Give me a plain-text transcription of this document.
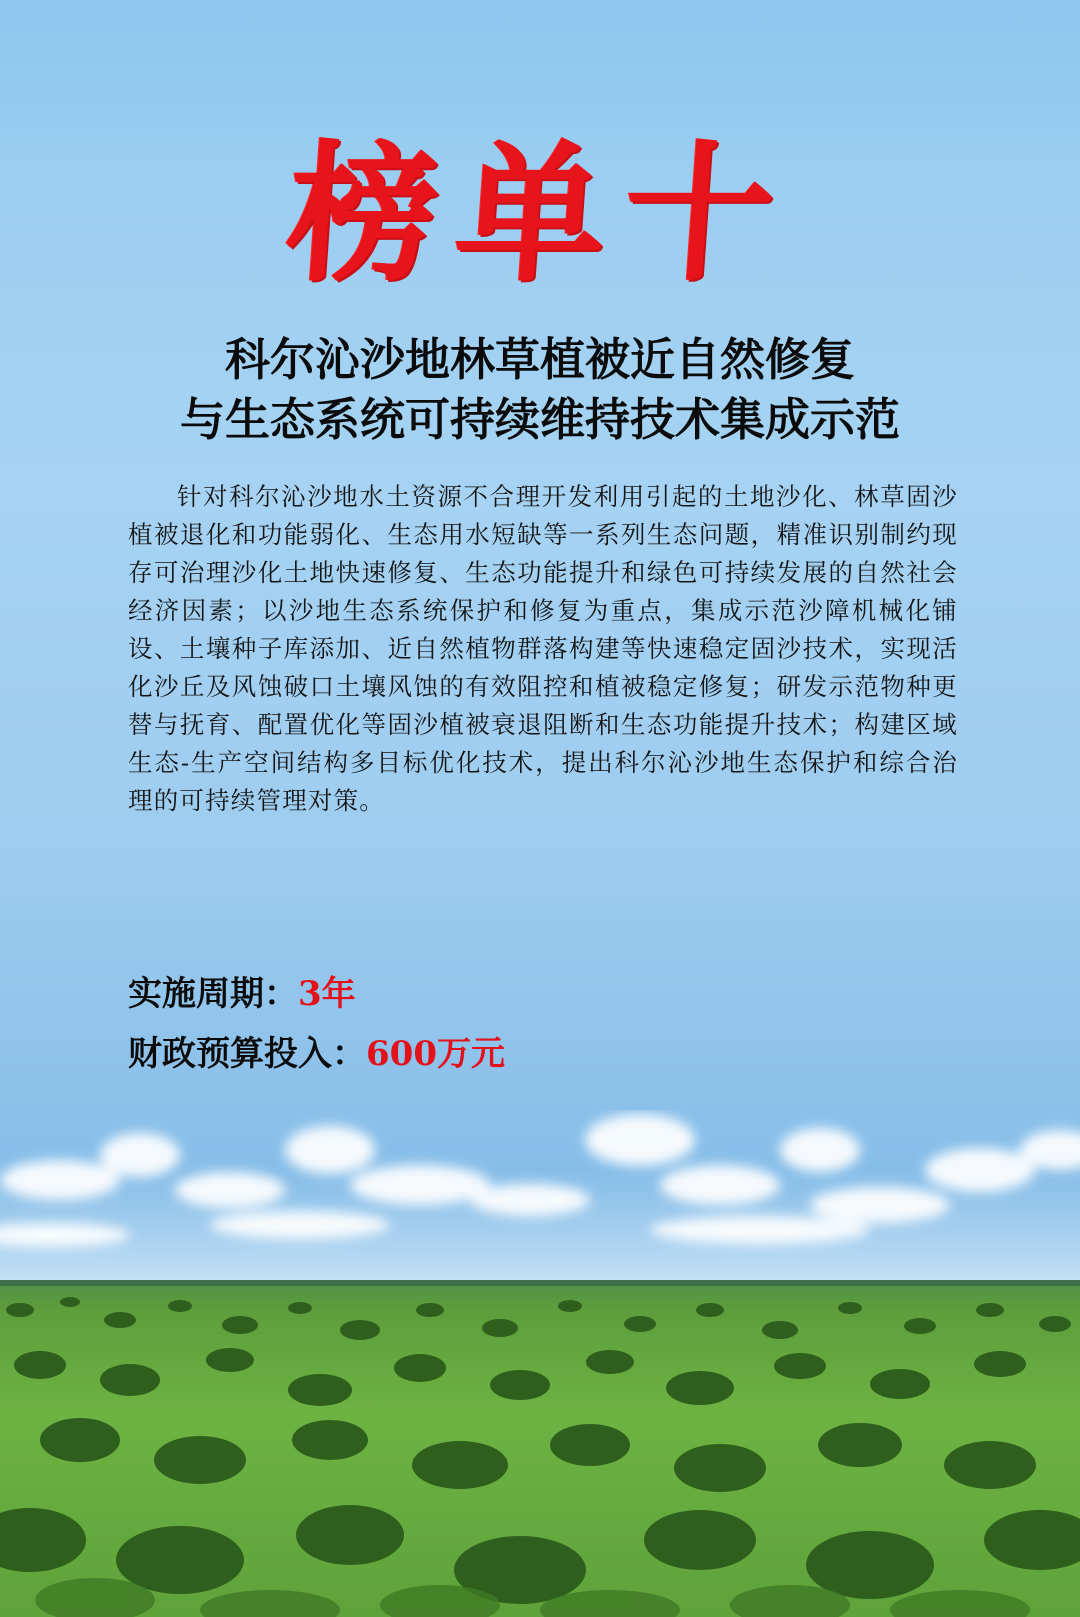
榜单十
科尔沁沙地林草植被近自然修复
与生态系统可持续维持技术集成示范
针对科尔沁沙地水土资源不合理开发利用引起的土地沙化、林草固沙植被退化和功能弱化、生态用水短缺等一系列生态问题，精准识别制约现存可治理沙化土地快速修复、生态功能提升和绿色可持续发展的自然社会经济因素；以沙地生态系统保护和修复为重点，集成示范沙障机械化铺设、土壤种子库添加、近自然植物群落构建等快速稳定固沙技术，实现活化沙丘及风蚀破口土壤风蚀的有效阻控和植被稳定修复；研发示范物种更替与抚育、配置优化等固沙植被衰退阻断和生态功能提升技术；构建区域生态-生产空间结构多目标优化技术，提出科尔沁沙地生态保护和综合治理的可持续管理对策。
实施周期：3年
财政预算投入：600万元
